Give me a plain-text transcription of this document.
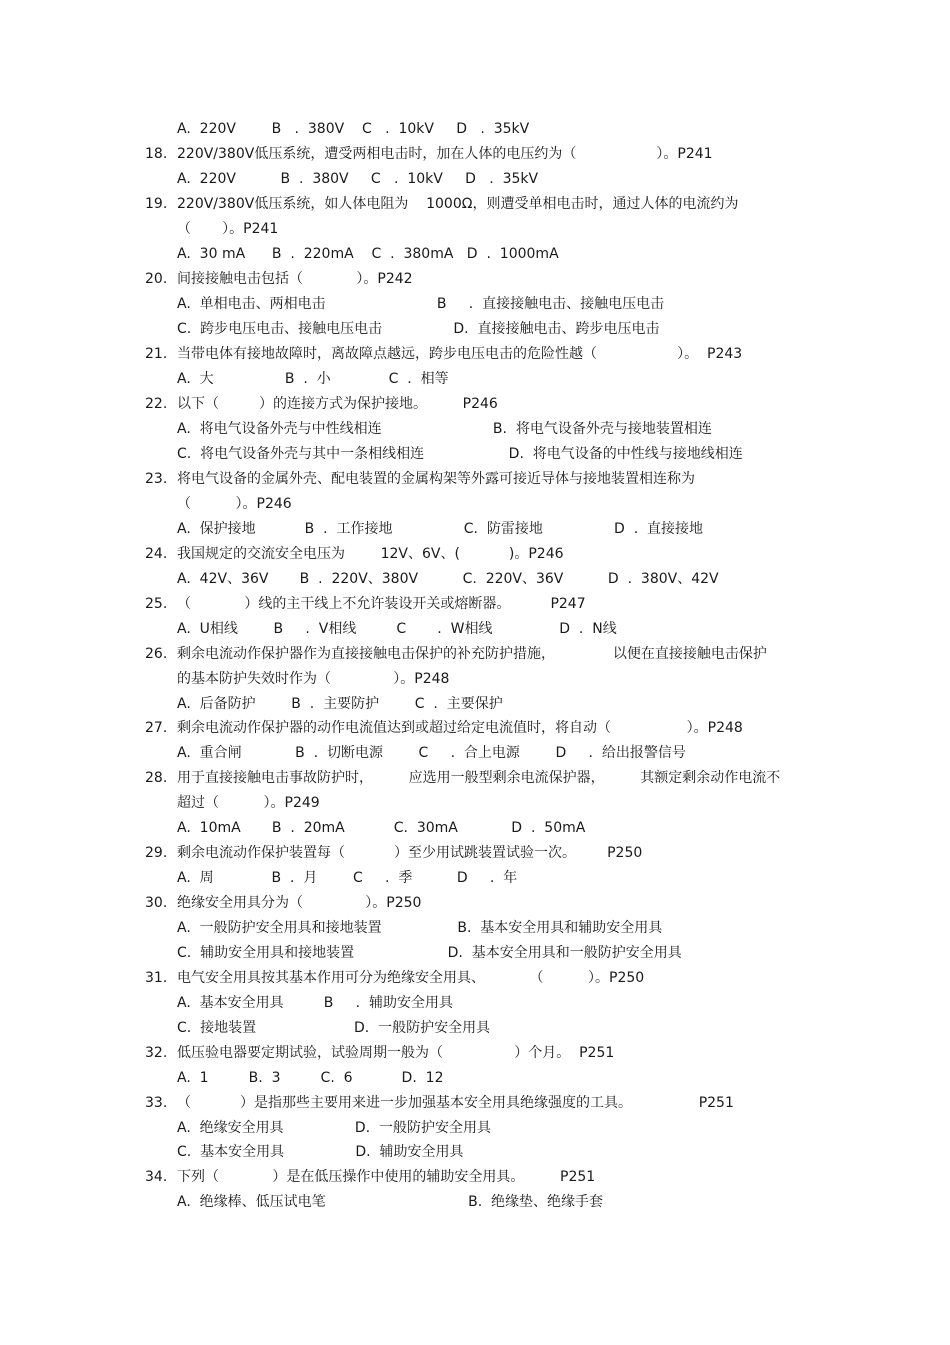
A.  220V        B   .  380V    C   .  10kV     D   .  35kV
18. 220V/380V低压系统，遭受两相电击时，加在人体的电压约为（                  ）。P241
A.  220V          B  .  380V     C   .  10kV     D   .  35kV
19. 220V/380V低压系统，如人体电阻为    1000Ω，则遭受单相电击时，通过人体的电流约为
（       ）。P241
A.  30 mA      B  .  220mA    C  .  380mA   D  .  1000mA
20. 间接接触电击包括（            ）。P242
A.  单相电击、两相电击                         B     .  直接接触电击、接触电压电击
C.  跨步电压电击、接触电压电击                D.  直接接触电击、跨步电压电击
21. 当带电体有接地故障时，离故障点越远，跨步电压电击的危险性越（                  ）。  P243
A.  大                B  .  小             C  .  相等
22. 以下（         ）的连接方式为保护接地。        P246
A.  将电气设备外壳与中性线相连                         B.  将电气设备外壳与接地装置相连
C.  将电气设备外壳与其中一条相线相连                   D.  将电气设备的中性线与接地线相连
23. 将电气设备的金属外壳、配电装置的金属构架等外露可接近导体与接地装置相连称为
（          ）。P246
A.  保护接地           B  .  工作接地                C.  防雷接地                D  .  直接接地
24. 我国规定的交流安全电压为        12V、6V、(           )。P246
A.  42V、36V       B  .  220V、380V          C.  220V、36V          D  .  380V、42V
25. （            ）线的主干线上不允许装设开关或熔断器。         P247
A.  U相线        B     .  V相线         C       .  W相线               D  .  N线
26. 剩余电流动作保护器作为直接接触电击保护的补充防护措施，             以便在直接接触电击保护
的基本防护失效时作为（              ）。P248
A.  后备防护        B  .  主要防护        C  .  主要保护
27. 剩余电流动作保护器的动作电流值达到或超过给定电流值时，将自动（                 ）。P248
A.  重合闸            B  .  切断电源        C     .  合上电源        D     .  给出报警信号
28. 用于直接接触电击事故防护时，        应选用一般型剩余电流保护器，        其额定剩余动作电流不
超过（          ）。P249
A.  10mA       B  .  20mA           C.  30mA            D  .  50mA
29. 剩余电流动作保护装置每（           ）至少用试跳装置试验一次。       P250
A.  周             B  .  月        C     .  季          D     .  年
30. 绝缘安全用具分为（              ）。P250
A.  一般防护安全用具和接地装置                 B.  基本安全用具和辅助安全用具
C.  辅助安全用具和接地装置                     D.  基本安全用具和一般防护安全用具
31. 电气安全用具按其基本作用可分为绝缘安全用具、          （          ）。P250
A.  基本安全用具         B     .  辅助安全用具
C.  接地装置                      D.  一般防护安全用具
32. 低压验电器要定期试验，试验周期一般为（                ）个月。  P251
A.  1         B.  3         C.  6           D.  12
33. （           ）是指那些主要用来进一步加强基本安全用具绝缘强度的工具。               P251
A.  绝缘安全用具                D.  一般防护安全用具
C.  基本安全用具                D.  辅助安全用具
34. 下列（            ）是在低压操作中使用的辅助安全用具。        P251
A.  绝缘棒、低压试电笔                                B.  绝缘垫、绝缘手套
